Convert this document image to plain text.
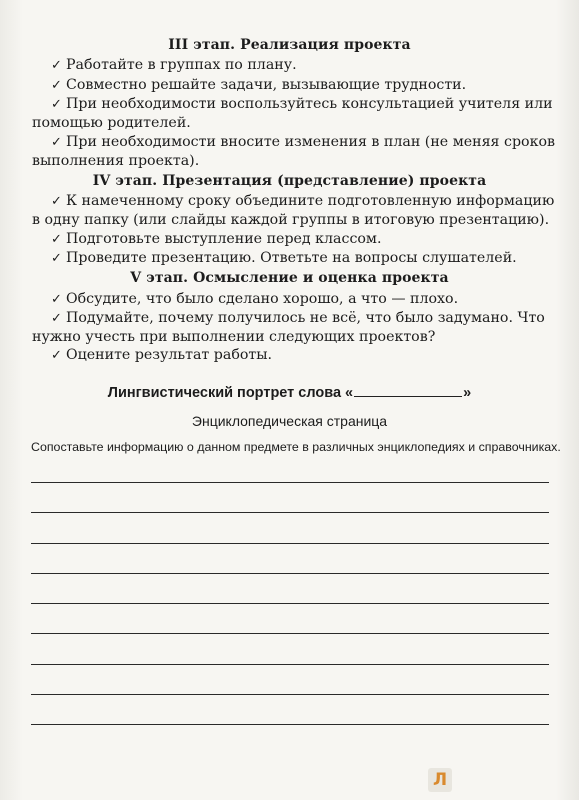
III этап. Реализация проекта
✓ Работайте в группах по плану.
✓ Совместно решайте задачи, вызывающие трудности.
✓ При необходимости воспользуйтесь консультацией учителя или
помощью родителей.
✓ При необходимости вносите изменения в план (не меняя сроков
выполнения проекта).
IV этап. Презентация (представление) проекта
✓ К намеченному сроку объедините подготовленную информацию
в одну папку (или слайды каждой группы в итоговую презентацию).
✓ Подготовьте выступление перед классом.
✓ Проведите презентацию. Ответьте на вопросы слушателей.
V этап. Осмысление и оценка проекта
✓ Обсудите, что было сделано хорошо, а что — плохо.
✓ Подумайте, почему получилось не всё, что было задумано. Что
нужно учесть при выполнении следующих проектов?
✓ Оцените результат работы.
Лингвистический портрет слова «	»
Энциклопедическая страница
Сопоставьте информацию о данном предмете в различных энциклопедиях и справочниках.
Л
